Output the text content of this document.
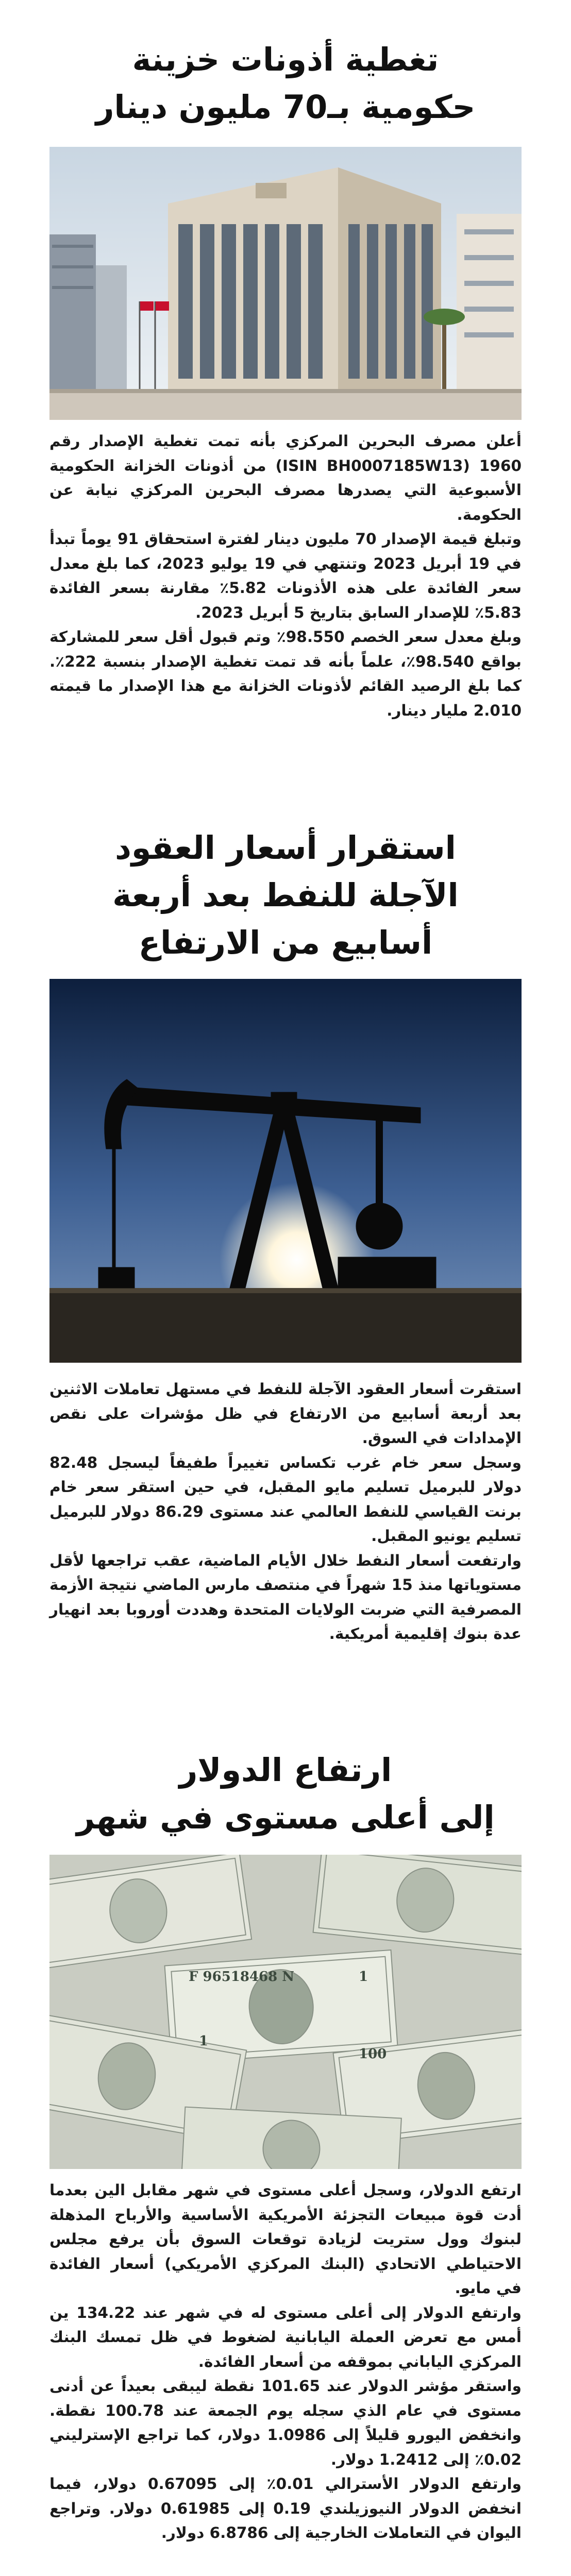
تغطية أذونات خزينة
حكومية بـ70 مليون دينار

أعلن مصرف البحرين المركزي بأنه تمت تغطية الإصدار رقم 1960 (ISIN BH0007185W13) من أذونات الخزانة الحكومية الأسبوعية التي يصدرها مصرف البحرين المركزي نيابة عن الحكومة.

وتبلغ قيمة الإصدار 70 مليون دينار لفترة استحقاق 91 يوماً تبدأ في 19 أبريل 2023 وتنتهي في 19 يوليو 2023، كما بلغ معدل سعر الفائدة على هذه الأذونات 5.82٪ مقارنة بسعر الفائدة 5.83٪ للإصدار السابق بتاريخ 5 أبريل 2023.

وبلغ معدل سعر الخصم 98.550٪ وتم قبول أقل سعر للمشاركة بواقع 98.540٪، علماً بأنه قد تمت تغطية الإصدار بنسبة 222٪. كما بلغ الرصيد القائم لأذونات الخزانة مع هذا الإصدار ما قيمته 2.010 مليار دينار.

استقرار أسعار العقود
الآجلة للنفط بعد أربعة
أسابيع من الارتفاع

استقرت أسعار العقود الآجلة للنفط في مستهل تعاملات الاثنين بعد أربعة أسابيع من الارتفاع في ظل مؤشرات على نقص الإمدادات في السوق.

وسجل سعر خام غرب تكساس تغييراً طفيفاً ليسجل 82.48 دولار للبرميل تسليم مايو المقبل، في حين استقر سعر خام برنت القياسي للنفط العالمي عند مستوى 86.29 دولار للبرميل تسليم يونيو المقبل.

وارتفعت أسعار النفط خلال الأيام الماضية، عقب تراجعها لأقل مستوياتها منذ 15 شهراً في منتصف مارس الماضي نتيجة الأزمة المصرفية التي ضربت الولايات المتحدة وهددت أوروبا بعد انهيار عدة بنوك إقليمية أمريكية.

ارتفاع الدولار
إلى أعلى مستوى في شهر
F 96518468 N
100
1
1

ارتفع الدولار، وسجل أعلى مستوى في شهر مقابل الين بعدما أدت قوة مبيعات التجزئة الأمريكية الأساسية والأرباح المذهلة لبنوك وول ستريت لزيادة توقعات السوق بأن يرفع مجلس الاحتياطي الاتحادي (البنك المركزي الأمريكي) أسعار الفائدة في مايو.

وارتفع الدولار إلى أعلى مستوى له في شهر عند 134.22 ين أمس مع تعرض العملة اليابانية لضغوط في ظل تمسك البنك المركزي الياباني بموقفه من أسعار الفائدة.

واستقر مؤشر الدولار عند 101.65 نقطة ليبقى بعيداً عن أدنى مستوى في عام الذي سجله يوم الجمعة عند 100.78 نقطة. وانخفض اليورو قليلاً إلى 1.0986 دولار، كما تراجع الإسترليني 0.02٪ إلى 1.2412 دولار.

وارتفع الدولار الأسترالي 0.01٪ إلى 0.67095 دولار، فيما انخفض الدولار النيوزيلندي 0.19 إلى 0.61985 دولار. وتراجع اليوان في التعاملات الخارجية إلى 6.8786 دولار.
